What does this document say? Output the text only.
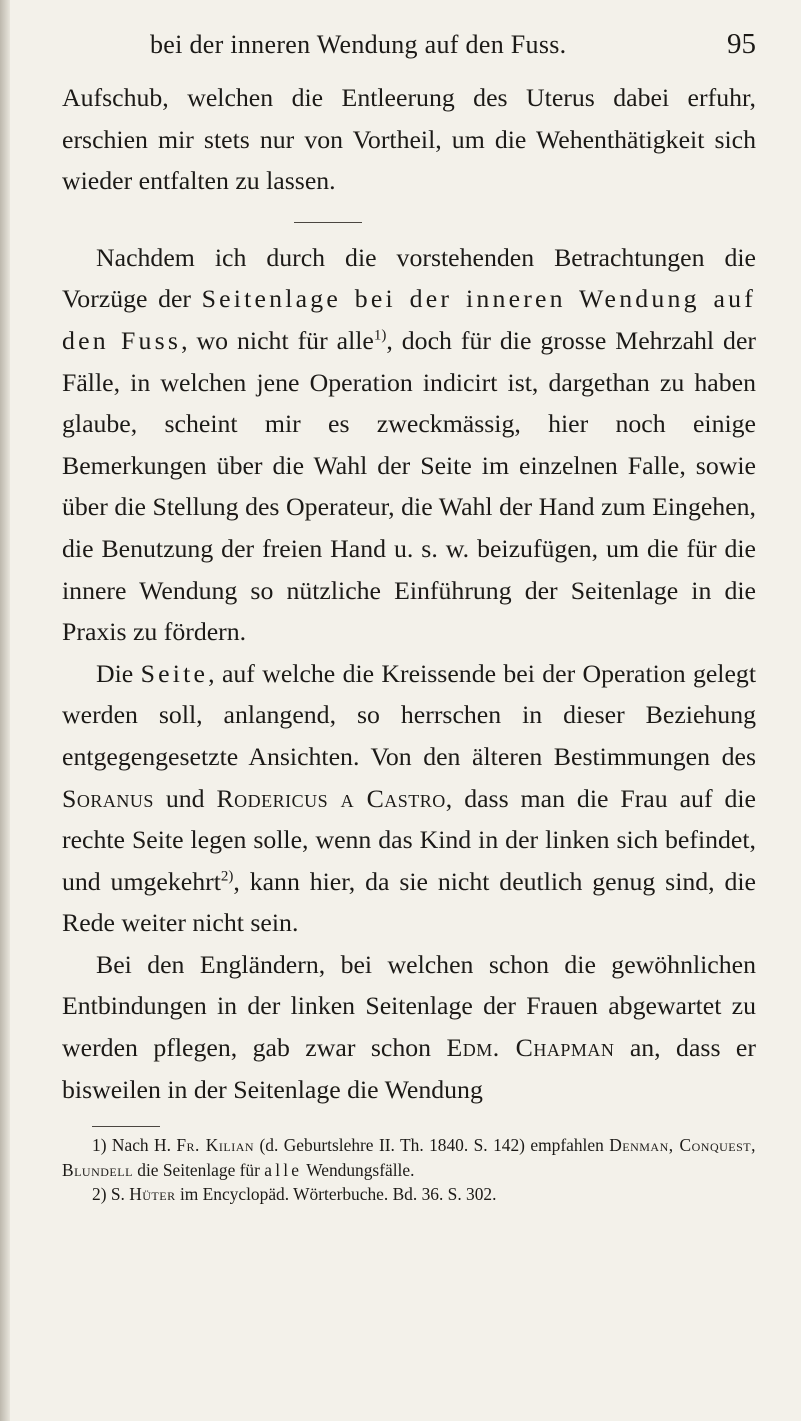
bei der inneren Wendung auf den Fuss.	95

Aufschub, welchen die Entleerung des Uterus dabei erfuhr, erschien mir stets nur von Vortheil, um die Wehenthätigkeit sich wieder entfalten zu lassen.

Nachdem ich durch die vorstehenden Betrachtungen die Vorzüge der Seitenlage bei der inneren Wendung auf den Fuss, wo nicht für alle$^{1)}$, doch für die grosse Mehrzahl der Fälle, in welchen jene Operation indicirt ist, dargethan zu haben glaube, scheint mir es zweckmässig, hier noch einige Bemerkungen über die Wahl der Seite im einzelnen Falle, sowie über die Stellung des Operateur, die Wahl der Hand zum Eingehen, die Benutzung der freien Hand u. s. w. beizufügen, um die für die innere Wendung so nützliche Einführung der Seitenlage in die Praxis zu fördern.

Die Seite, auf welche die Kreissende bei der Operation gelegt werden soll, anlangend, so herrschen in dieser Beziehung entgegengesetzte Ansichten. Von den älteren Bestimmungen des Soranus und Rodericus a Castro, dass man die Frau auf die rechte Seite legen solle, wenn das Kind in der linken sich befindet, und umgekehrt$^{2)}$, kann hier, da sie nicht deutlich genug sind, die Rede weiter nicht sein.

Bei den Engländern, bei welchen schon die gewöhnlichen Entbindungen in der linken Seitenlage der Frauen abgewartet zu werden pflegen, gab zwar schon Edm. Chapman an, dass er bisweilen in der Seitenlage die Wendung

1) Nach H. Fr. Kilian (d. Geburtslehre II. Th. 1840. S. 142) empfahlen Denman, Conquest, Blundell die Seitenlage für alle Wendungsfälle.

2) S. Hüter im Encyclopäd. Wörterbuche. Bd. 36. S. 302.
